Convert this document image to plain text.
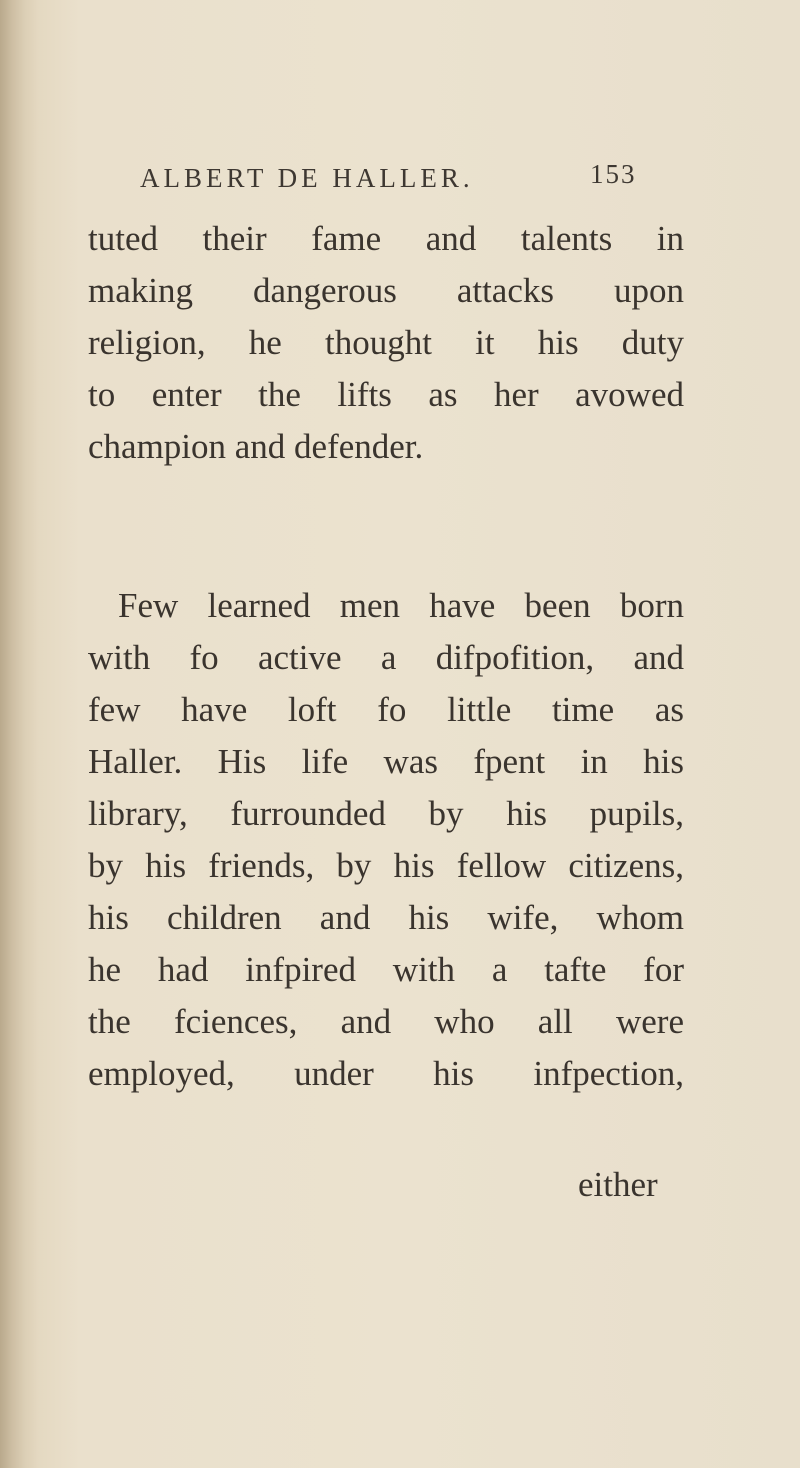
ALBERT DE HALLER.	153
tuted their fame and talents in
making dangerous attacks upon
religion, he thought it his duty
to enter the lifts as her avowed
champion and defender.
Few learned men have been born
with fo active a difpofition, and
few have loft fo little time as
Haller. His life was fpent in his
library, furrounded by his pupils,
by his friends, by his fellow citizens,
his children and his wife, whom
he had infpired with a tafte for
the fciences, and who all were
employed, under his infpection,
either
